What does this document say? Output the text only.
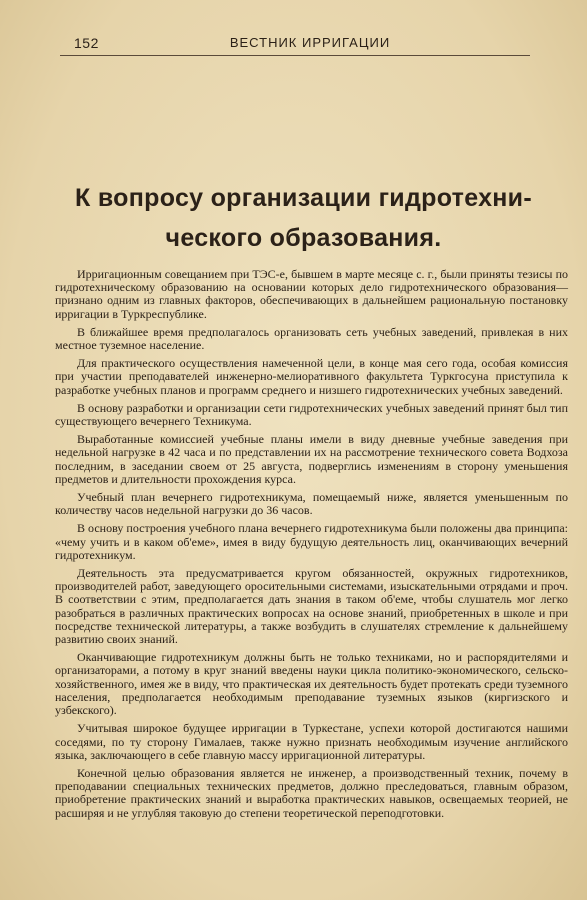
152	ВЕСТНИК ИРРИГАЦИИ
К вопросу организации гидротехни-
ческого образования.

Ирригационным совещанием при ТЭС-е, бывшем в марте месяце с. г., были приняты тезисы по гидротехническому образованию на основании которых дело гидротехнического образования—признано одним из главных факторов, обеспечивающих в дальнейшем рациональную постановку ирригации в Туркреспублике.

В ближайшее время предполагалось организовать сеть учебных заведений, привлекая в них местное туземное население.

Для практического осуществления намеченной цели, в конце мая сего года, особая комиссия при участии преподавателей инженерно-мелиоративного факультета Туркгосуна приступила к разработке учебных планов и программ среднего и низшего гидротехнических учебных заведений.

В основу разработки и организации сети гидротехнических учебных заведений принят был тип существующего вечернего Техникума.

Выработанные комиссией учебные планы имели в виду дневные учебные заведения при недельной нагрузке в 42 часа и по представлении их на рассмотрение технического совета Водхоза последним, в заседании своем от 25 августа, подверглись изменениям в сторону уменьшения предметов и длительности прохождения курса.

Учебный план вечернего гидротехникума, помещаемый ниже, является уменьшенным по количеству часов недельной нагрузки до 36 часов.

В основу построения учебного плана вечернего гидротехникума были положены два принципа: «чему учить и в каком об'еме», имея в виду будущую деятельность лиц, оканчивающих вечерний гидротехникум.

Деятельность эта предусматривается кругом обязанностей, окружных гидротехников, производителей работ, заведующего оросительными системами, изыскательными отрядами и проч. В соответствии с этим, предполагается дать знания в таком об'еме, чтобы слушатель мог легко разобраться в различных практических вопросах на основе знаний, приобретенных в школе и при посредстве технической литературы, а также возбудить в слушателях стремление к дальнейшему развитию своих знаний.

Оканчивающие гидротехникум должны быть не только техниками, но и распорядителями и организаторами, а потому в круг знаний введены науки цикла политико-экономического, сельско-хозяйственного, имея же в виду, что практическая их деятельность будет протекать среди туземного населения, предполагается необходимым преподавание туземных языков (киргизского и узбекского).

Учитывая широкое будущее ирригации в Туркестане, успехи которой достигаются нашими соседями, по ту сторону Гималаев, также нужно признать необходимым изучение английского языка, заключающего в себе главную массу ирригационной литературы.

Конечной целью образования является не инженер, а производственный техник, почему в преподавании специальных технических предметов, должно преследоваться, главным образом, приобретение практических знаний и выработка практических навыков, освещаемых теорией, не расширяя и не углубляя таковую до степени теоретической переподготовки.
